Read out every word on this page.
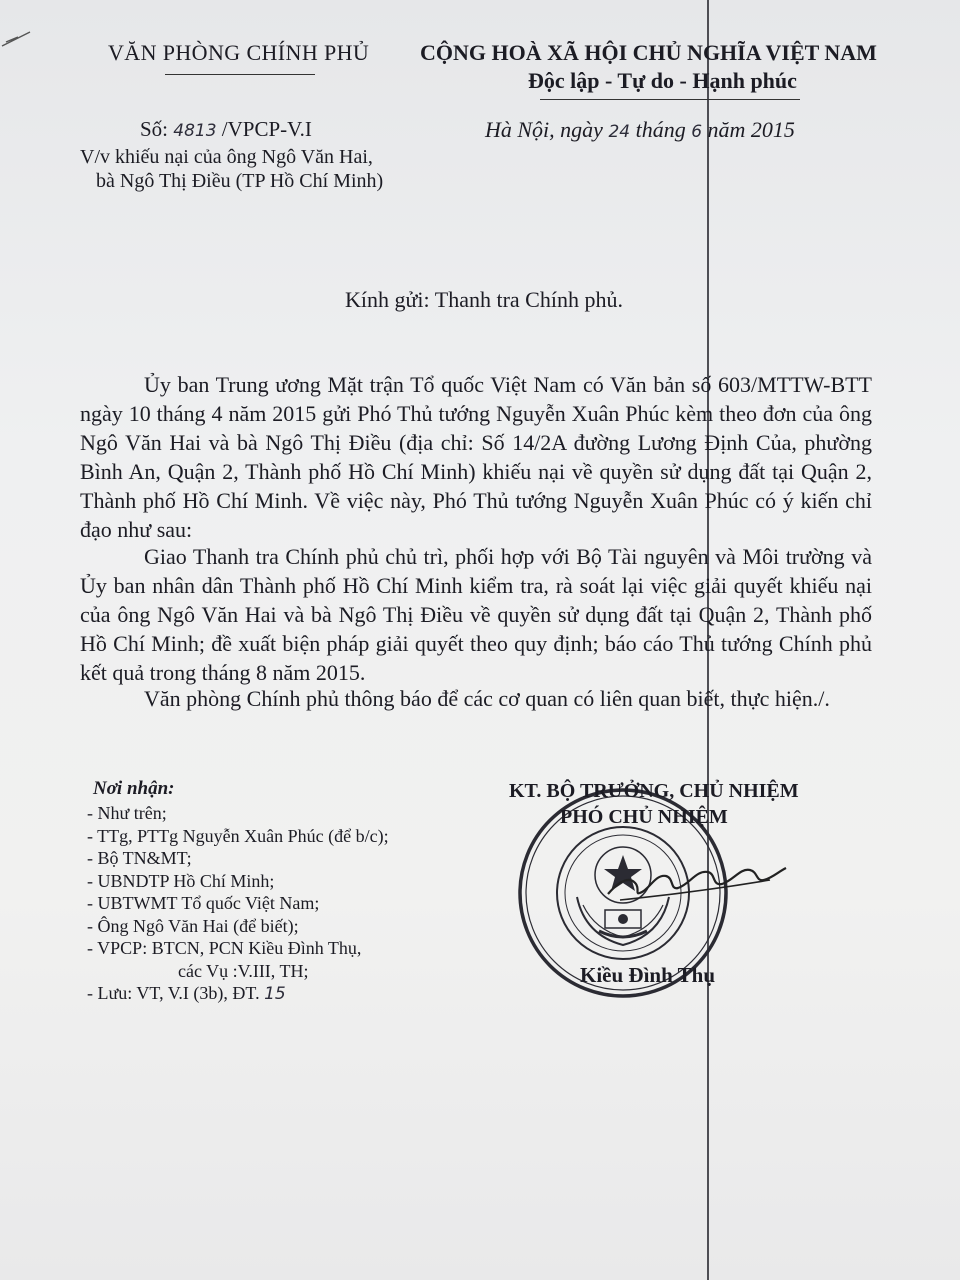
VĂN PHÒNG CHÍNH PHỦ CỘNG HOÀ XÃ HỘI CHỦ NGHĨA VIỆT NAM
Độc lập - Tự do - Hạnh phúc
Số: 4813 /VPCP-V.I
V/v khiếu nại của ông Ngô Văn Hai,
bà Ngô Thị Điều (TP Hồ Chí Minh)
Hà Nội, ngày 24 tháng 6 năm 2015
Kính gửi: Thanh tra Chính phủ.

Ủy ban Trung ương Mặt trận Tổ quốc Việt Nam có Văn bản số 603/MTTW-BTT ngày 10 tháng 4 năm 2015 gửi Phó Thủ tướng Nguyễn Xuân Phúc kèm theo đơn của ông Ngô Văn Hai và bà Ngô Thị Điều (địa chỉ: Số 14/2A đường Lương Định Của, phường Bình An, Quận 2, Thành phố Hồ Chí Minh) khiếu nại về quyền sử dụng đất tại Quận 2, Thành phố Hồ Chí Minh. Về việc này, Phó Thủ tướng Nguyễn Xuân Phúc có ý kiến chỉ đạo như sau:

Giao Thanh tra Chính phủ chủ trì, phối hợp với Bộ Tài nguyên và Môi trường và Ủy ban nhân dân Thành phố Hồ Chí Minh kiểm tra, rà soát lại việc giải quyết khiếu nại của ông Ngô Văn Hai và bà Ngô Thị Điều về quyền sử dụng đất tại Quận 2, Thành phố Hồ Chí Minh; đề xuất biện pháp giải quyết theo quy định; báo cáo Thủ tướng Chính phủ kết quả trong tháng 8 năm 2015.

Văn phòng Chính phủ thông báo để các cơ quan có liên quan biết, thực hiện./.

Nơi nhận:
- Như trên;
- TTg, PTTg Nguyễn Xuân Phúc (để b/c);
- Bộ TN&MT;
- UBNDTP Hồ Chí Minh;
- UBTWMT Tổ quốc Việt Nam;
- Ông Ngô Văn Hai (để biết);
- VPCP: BTCN, PCN Kiều Đình Thụ,
các Vụ :V.III, TH;
- Lưu: VT, V.I (3b), ĐT. 15
KT. BỘ TRƯỞNG, CHỦ NHIỆM
PHÓ CHỦ NHIỆM
Kiều Đình Thụ
